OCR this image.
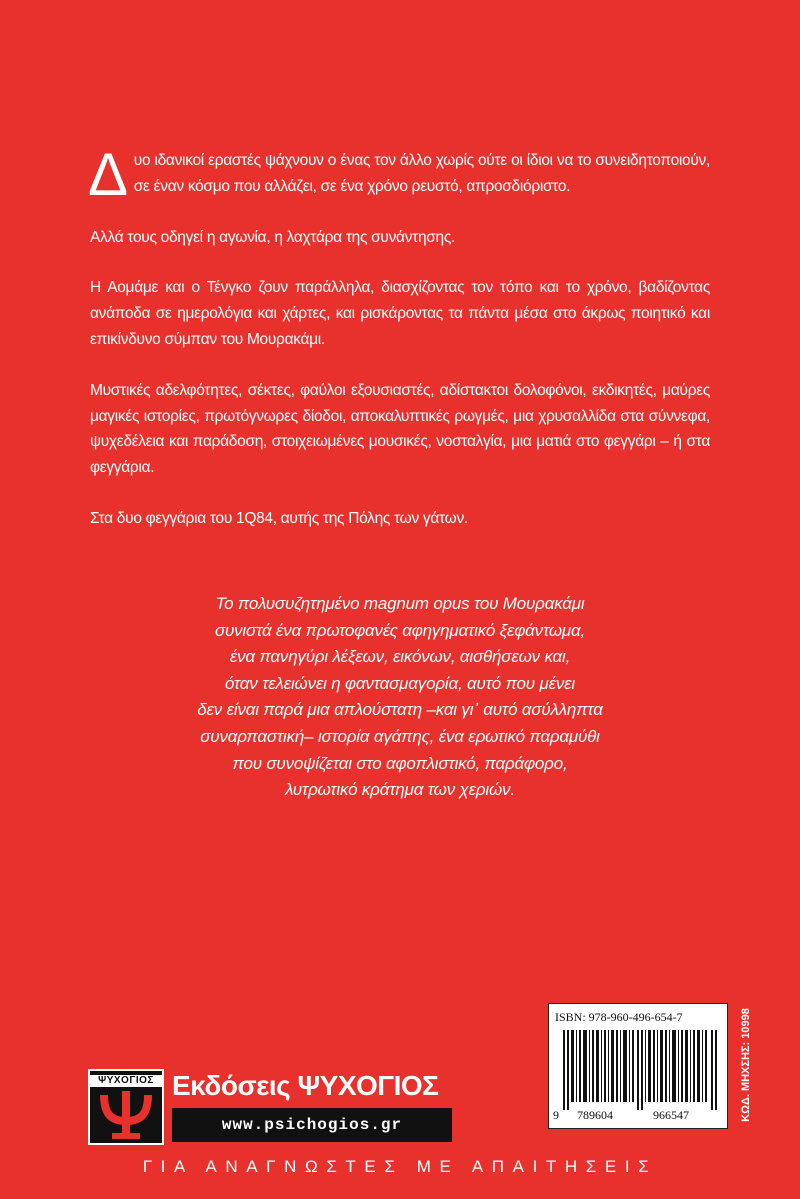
Δυο ιδανικοί εραστές ψάχνουν ο ένας τον άλλο χωρίς ούτε οι ίδιοι να το συνειδητοποιούν, σε έναν κόσμο που αλλάζει, σε ένα χρόνο ρευστό, απροσδιόριστο.

Αλλά τους οδηγεί η αγωνία, η λαχτάρα της συνάντησης.

Η Αομάμε και ο Τένγκο ζουν παράλληλα, διασχίζοντας τον τόπο και το χρόνο, βαδίζοντας ανάποδα σε ημερολόγια και χάρτες, και ρισκάροντας τα πάντα μέσα στο άκρως ποιητικό και επικίνδυνο σύμπαν του Μουρακάμι.

Μυστικές αδελφότητες, σέκτες, φαύλοι εξουσιαστές, αδίστακτοι δολοφόνοι, εκδικητές, μαύρες μαγικές ιστορίες, πρωτόγνωρες δίοδοι, αποκαλυπτικές ρωγμές, μια χρυσαλλίδα στα σύννεφα, ψυχεδέλεια και παράδοση, στοιχειωμένες μουσικές, νοσταλγία, μια ματιά στο φεγγάρι – ή στα φεγγάρια.

Στα δυο φεγγάρια του 1Q84, αυτής της Πόλης των γάτων.

Το πολυσυζητημένο magnum opus του Μουρακάμι
συνιστά ένα πρωτοφανές αφηγηματικό ξεφάντωμα,
ένα πανηγύρι λέξεων, εικόνων, αισθήσεων και,
όταν τελειώνει η φαντασμαγορία, αυτό που μένει
δεν είναι παρά μια απλούστατη –και γι᾽ αυτό ασύλληπτα
συναρπαστική– ιστορία αγάπης, ένα ερωτικό παραμύθι
που συνοψίζεται στο αφοπλιστικό, παράφορο,
λυτρωτικό κράτημα των χεριών.
ISBN: 978-960-496-654-7
9 789604	966547	ΚΩΔ. ΜΗΧΣΗΣ: 10998
ΨΥΧΟΓΙΟΣ Εκδόσεις ΨΥΧΟΓΙΟΣ
www.psichogios.gr
ΓΙΑ ΑΝΑΓΝΩΣΤΕΣ ΜΕ ΑΠΑΙΤΗΣΕΙΣ
